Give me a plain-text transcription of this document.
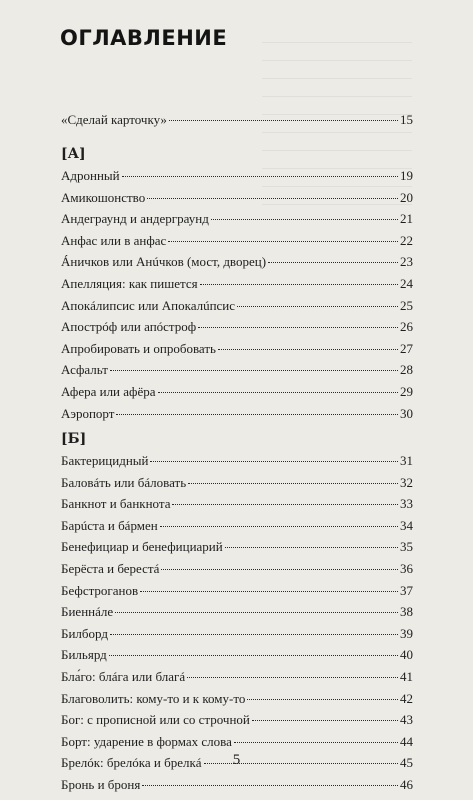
ОГЛАВЛЕНИЕ
«Сделай карточку»	15
[А]
Адронный	19
Амикошонство	20
Андеграунд и андерграунд	21
Анфас или в анфас	22
Áничков или Анúчков (мост, дворец)	23
Апелляция: как пишется	24
Апокáлипсис или Апокалúпсис	25
Апострóф или апóстроф	26
Апробировать и опробовать	27
Асфальт	28
Афера или афёра	29
Аэропорт	30
[Б]
Бактерицидный	31
Баловáть или бáловать	32
Банкнот и банкнота	33
Барúста и бáрмен	34
Бенефициар и бенефициарий	35
Берёста и берестá	36
Бефстроганов	37
Биеннáле	38
Билборд	39
Бильярд	40
Бла́го: блáга или благá	41
Благоволить: кому-то и к кому-то	42
Бог: с прописной или со строчной	43
Борт: ударение в формах слова	44
Брелóк: брелóка и брелкá	45
Бронь и броня	46
5
